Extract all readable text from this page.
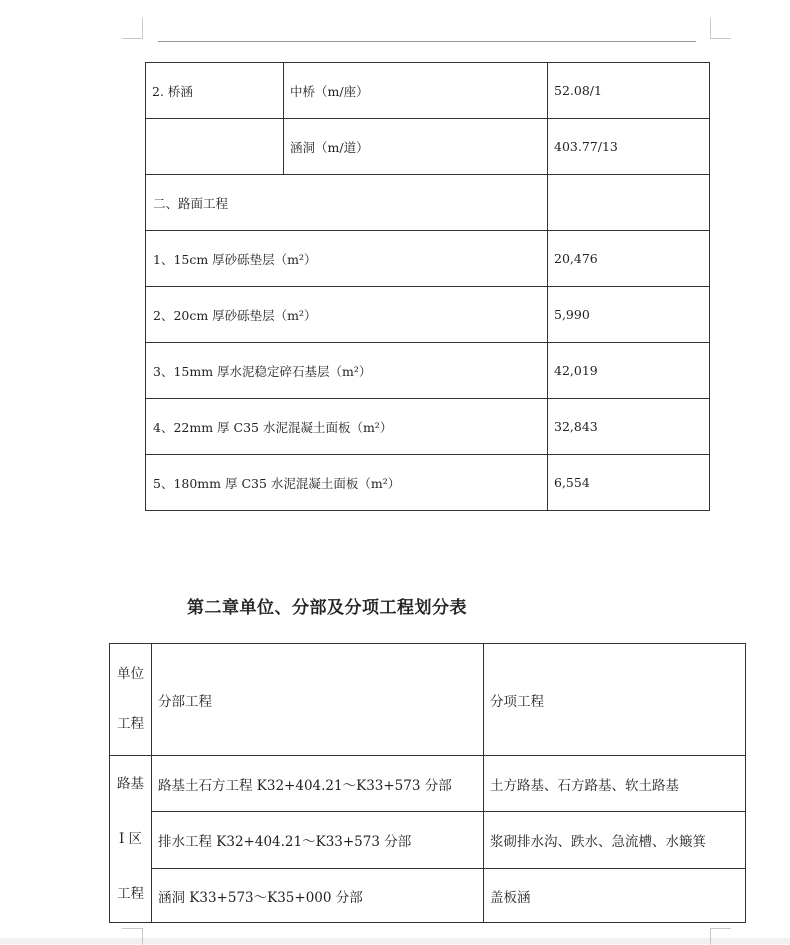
2. 桥涵	中桥（m/座）	52.08/1
	涵洞（m/道）	403.77/13
二、路面工程		
1、15cm 厚砂砾垫层（m²）		20,476
2、20cm 厚砂砾垫层（m²）		5,990
3、15mm 厚水泥稳定碎石基层（m²）		42,019
4、22mm 厚 C35 水泥混凝土面板（m²）		32,843
5、180mm 厚 C35 水泥混凝土面板（m²）		6,554
第二章单位、分部及分项工程划分表
单位
工程	分部工程	分项工程

路基
I 区
工程	路基土石方工程 K32+404.21～K33+573 分部	土方路基、石方路基、软土路基
	排水工程 K32+404.21～K33+573 分部	浆砌排水沟、跌水、急流槽、水簸箕
	涵洞 K33+573～K35+000 分部	盖板涵
